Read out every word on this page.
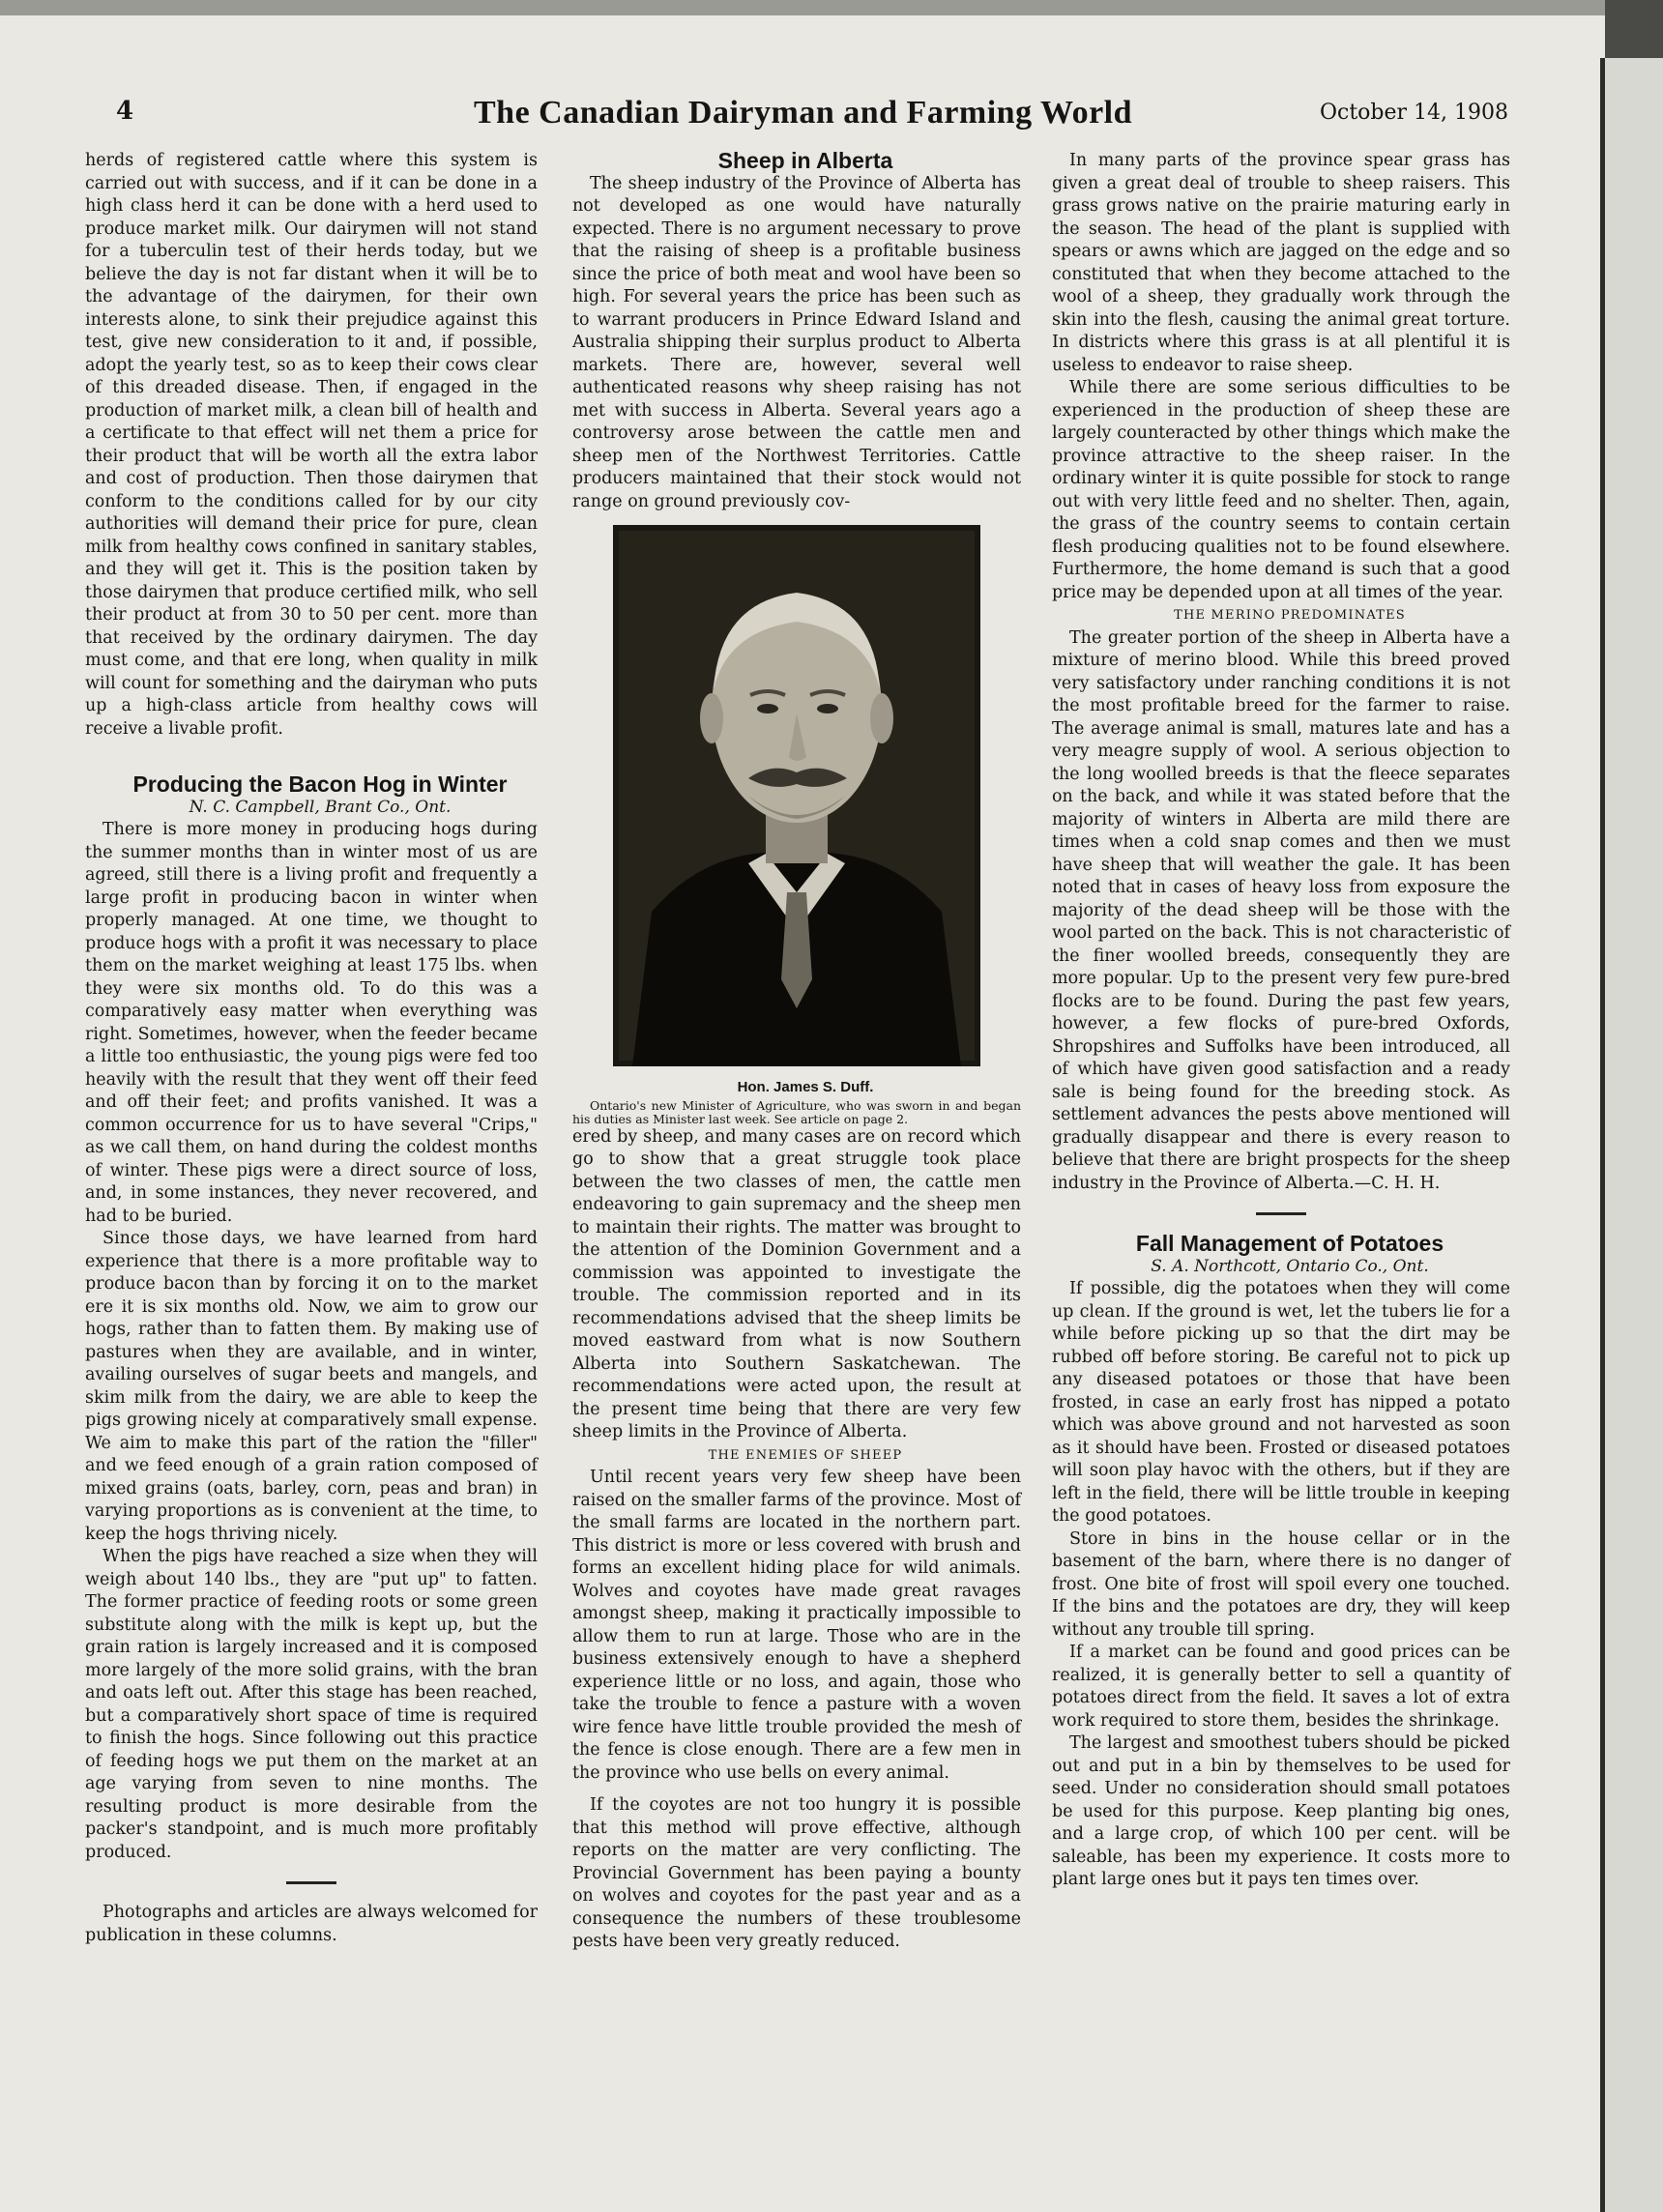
4	The Canadian Dairyman and Farming World	October 14, 1908

herds of registered cattle where this system is carried out with success, and if it can be done in a high class herd it can be done with a herd used to produce market milk. Our dairymen will not stand for a tuberculin test of their herds today, but we believe the day is not far distant when it will be to the advantage of the dairymen, for their own interests alone, to sink their prejudice against this test, give new consideration to it and, if possible, adopt the yearly test, so as to keep their cows clear of this dreaded disease. Then, if engaged in the production of market milk, a clean bill of health and a certificate to that effect will net them a price for their product that will be worth all the extra labor and cost of production. Then those dairymen that conform to the conditions called for by our city authorities will demand their price for pure, clean milk from healthy cows confined in sanitary stables, and they will get it. This is the position taken by those dairymen that produce certified milk, who sell their product at from 30 to 50 per cent. more than that received by the ordinary dairymen. The day must come, and that ere long, when quality in milk will count for something and the dairyman who puts up a high-class article from healthy cows will receive a livable profit.

Producing the Bacon Hog in Winter

N. C. Campbell, Brant Co., Ont.

There is more money in producing hogs during the summer months than in winter most of us are agreed, still there is a living profit and frequently a large profit in producing bacon in winter when properly managed. At one time, we thought to produce hogs with a profit it was necessary to place them on the market weighing at least 175 lbs. when they were six months old. To do this was a comparatively easy matter when everything was right. Sometimes, however, when the feeder became a little too enthusiastic, the young pigs were fed too heavily with the result that they went off their feed and off their feet; and profits vanished. It was a common occurrence for us to have several "Crips," as we call them, on hand during the coldest months of winter. These pigs were a direct source of loss, and, in some instances, they never recovered, and had to be buried.

Since those days, we have learned from hard experience that there is a more profitable way to produce bacon than by forcing it on to the market ere it is six months old. Now, we aim to grow our hogs, rather than to fatten them. By making use of pastures when they are available, and in winter, availing ourselves of sugar beets and mangels, and skim milk from the dairy, we are able to keep the pigs growing nicely at comparatively small expense. We aim to make this part of the ration the "filler" and we feed enough of a grain ration composed of mixed grains (oats, barley, corn, peas and bran) in varying proportions as is convenient at the time, to keep the hogs thriving nicely.

When the pigs have reached a size when they will weigh about 140 lbs., they are "put up" to fatten. The former practice of feeding roots or some green substitute along with the milk is kept up, but the grain ration is largely increased and it is composed more largely of the more solid grains, with the bran and oats left out. After this stage has been reached, but a comparatively short space of time is required to finish the hogs. Since following out this practice of feeding hogs we put them on the market at an age varying from seven to nine months. The resulting product is more desirable from the packer's standpoint, and is much more profitably produced.

Photographs and articles are always welcomed for publication in these columns.

Sheep in Alberta

The sheep industry of the Province of Alberta has not developed as one would have naturally expected. There is no argument necessary to prove that the raising of sheep is a profitable business since the price of both meat and wool have been so high. For several years the price has been such as to warrant producers in Prince Edward Island and Australia shipping their surplus product to Alberta markets. There are, however, several well authenticated reasons why sheep raising has not met with success in Alberta. Several years ago a controversy arose between the cattle men and sheep men of the Northwest Territories. Cattle producers maintained that their stock would not range on ground previously cov-

Hon. James S. Duff.

Ontario's new Minister of Agriculture, who was sworn in and began his duties as Minister last week. See article on page 2.

ered by sheep, and many cases are on record which go to show that a great struggle took place between the two classes of men, the cattle men endeavoring to gain supremacy and the sheep men to maintain their rights. The matter was brought to the attention of the Dominion Government and a commission was appointed to investigate the trouble. The commission reported and in its recommendations advised that the sheep limits be moved eastward from what is now Southern Alberta into Southern Saskatchewan. The recommendations were acted upon, the result at the present time being that there are very few sheep limits in the Province of Alberta.

THE ENEMIES OF SHEEP

Until recent years very few sheep have been raised on the smaller farms of the province. Most of the small farms are located in the northern part. This district is more or less covered with brush and forms an excellent hiding place for wild animals. Wolves and coyotes have made great ravages amongst sheep, making it practically impossible to allow them to run at large. Those who are in the business extensively enough to have a shepherd experience little or no loss, and again, those who take the trouble to fence a pasture with a woven wire fence have little trouble provided the mesh of the fence is close enough. There are a few men in the province who use bells on every animal.

If the coyotes are not too hungry it is possible that this method will prove effective, although reports on the matter are very conflicting. The Provincial Government has been paying a bounty on wolves and coyotes for the past year and as a consequence the numbers of these troublesome pests have been very greatly reduced.

In many parts of the province spear grass has given a great deal of trouble to sheep raisers. This grass grows native on the prairie maturing early in the season. The head of the plant is supplied with spears or awns which are jagged on the edge and so constituted that when they become attached to the wool of a sheep, they gradually work through the skin into the flesh, causing the animal great torture. In districts where this grass is at all plentiful it is useless to endeavor to raise sheep.

While there are some serious difficulties to be experienced in the production of sheep these are largely counteracted by other things which make the province attractive to the sheep raiser. In the ordinary winter it is quite possible for stock to range out with very little feed and no shelter. Then, again, the grass of the country seems to contain certain flesh producing qualities not to be found elsewhere. Furthermore, the home demand is such that a good price may be depended upon at all times of the year.

THE MERINO PREDOMINATES

The greater portion of the sheep in Alberta have a mixture of merino blood. While this breed proved very satisfactory under ranching conditions it is not the most profitable breed for the farmer to raise. The average animal is small, matures late and has a very meagre supply of wool. A serious objection to the long woolled breeds is that the fleece separates on the back, and while it was stated before that the majority of winters in Alberta are mild there are times when a cold snap comes and then we must have sheep that will weather the gale. It has been noted that in cases of heavy loss from exposure the majority of the dead sheep will be those with the wool parted on the back. This is not characteristic of the finer woolled breeds, consequently they are more popular. Up to the present very few pure-bred flocks are to be found. During the past few years, however, a few flocks of pure-bred Oxfords, Shropshires and Suffolks have been introduced, all of which have given good satisfaction and a ready sale is being found for the breeding stock. As settlement advances the pests above mentioned will gradually disappear and there is every reason to believe that there are bright prospects for the sheep industry in the Province of Alberta.—C. H. H.

Fall Management of Potatoes

S. A. Northcott, Ontario Co., Ont.

If possible, dig the potatoes when they will come up clean. If the ground is wet, let the tubers lie for a while before picking up so that the dirt may be rubbed off before storing. Be careful not to pick up any diseased potatoes or those that have been frosted, in case an early frost has nipped a potato which was above ground and not harvested as soon as it should have been. Frosted or diseased potatoes will soon play havoc with the others, but if they are left in the field, there will be little trouble in keeping the good potatoes.

Store in bins in the house cellar or in the basement of the barn, where there is no danger of frost. One bite of frost will spoil every one touched. If the bins and the potatoes are dry, they will keep without any trouble till spring.

If a market can be found and good prices can be realized, it is generally better to sell a quantity of potatoes direct from the field. It saves a lot of extra work required to store them, besides the shrinkage.

The largest and smoothest tubers should be picked out and put in a bin by themselves to be used for seed. Under no consideration should small potatoes be used for this purpose. Keep planting big ones, and a large crop, of which 100 per cent. will be saleable, has been my experience. It costs more to plant large ones but it pays ten times over.
